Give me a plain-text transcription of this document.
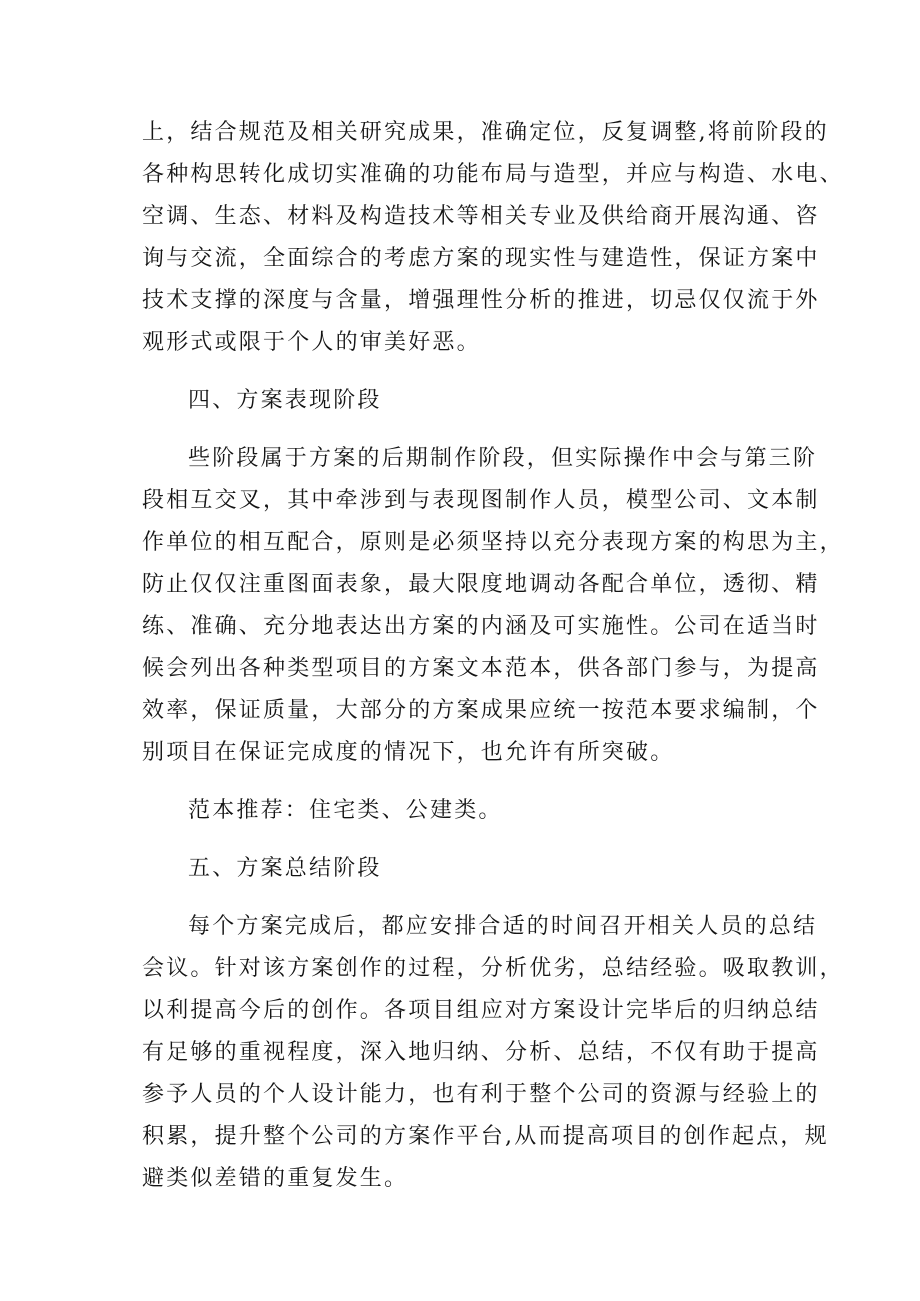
上，结合规范及相关研究成果，准确定位，反复调整,将前阶段的
各种构思转化成切实准确的功能布局与造型，并应与构造、水电、
空调、生态、材料及构造技术等相关专业及供给商开展沟通、咨
询与交流，全面综合的考虑方案的现实性与建造性，保证方案中
技术支撑的深度与含量，增强理性分析的推进，切忌仅仅流于外
观形式或限于个人的审美好恶。
四、方案表现阶段
些阶段属于方案的后期制作阶段，但实际操作中会与第三阶
段相互交叉，其中牵涉到与表现图制作人员，模型公司、文本制
作单位的相互配合，原则是必须坚持以充分表现方案的构思为主，
防止仅仅注重图面表象，最大限度地调动各配合单位，透彻、精
练、准确、充分地表达出方案的内涵及可实施性。公司在适当时
候会列出各种类型项目的方案文本范本，供各部门参与，为提高
效率，保证质量，大部分的方案成果应统一按范本要求编制，个
别项目在保证完成度的情况下，也允许有所突破。
范本推荐：住宅类、公建类。
五、方案总结阶段
每个方案完成后，都应安排合适的时间召开相关人员的总结
会议。针对该方案创作的过程，分析优劣，总结经验。吸取教训，
以利提高今后的创作。各项目组应对方案设计完毕后的归纳总结
有足够的重视程度，深入地归纳、分析、总结，不仅有助于提高
参予人员的个人设计能力，也有利于整个公司的资源与经验上的
积累，提升整个公司的方案作平台,从而提高项目的创作起点，规
避类似差错的重复发生。
